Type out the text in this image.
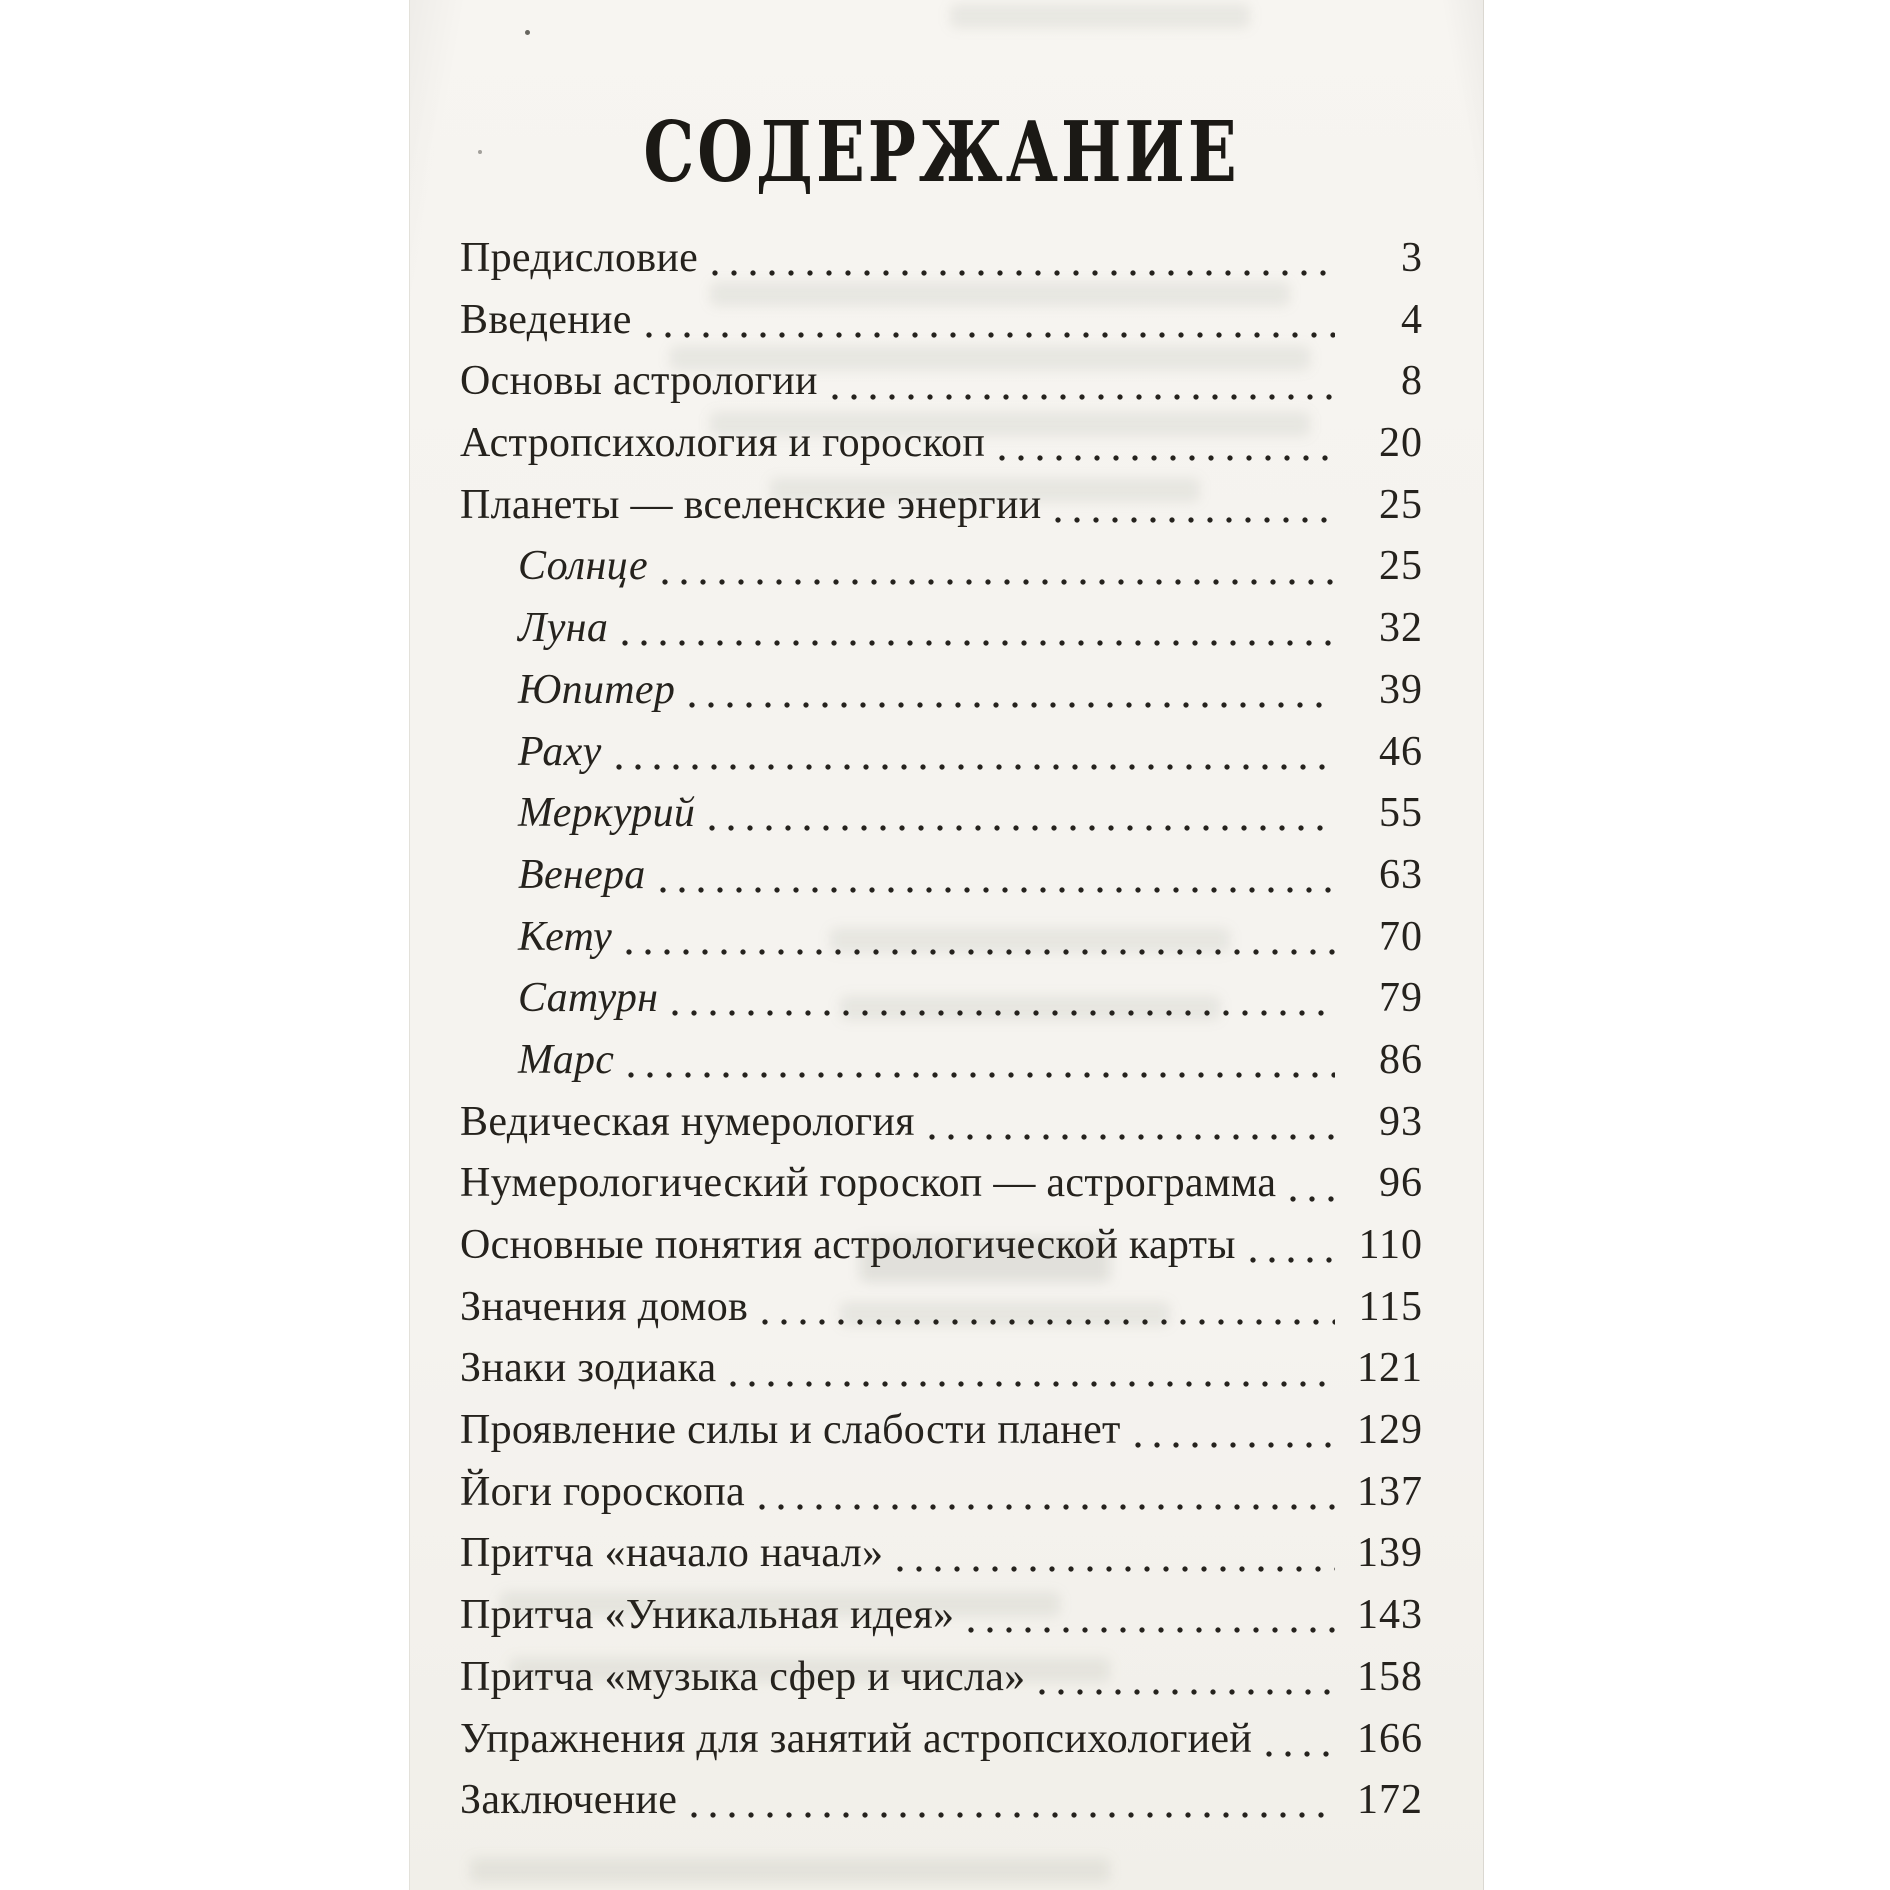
СОДЕРЖАНИЕ
Предисловие	3
Введение	4
Основы астрологии	8
Астропсихология и гороскоп	20
Планеты — вселенские энергии	25
Солнце	25
Луна	32
Юпитер	39
Раху	46
Меркурий	55
Венера	63
Кету	70
Сатурн	79
Марс	86
Ведическая нумерология	93
Нумерологический гороскоп — астрограмма	96
Основные понятия астрологической карты	110
Значения домов	115
Знаки зодиака	121
Проявление силы и слабости планет	129
Йоги гороскопа	137
Притча «начало начал»	139
Притча «Уникальная идея»	143
Притча «музыка сфер и числа»	158
Упражнения для занятий астропсихологией 166
Заключение	172
